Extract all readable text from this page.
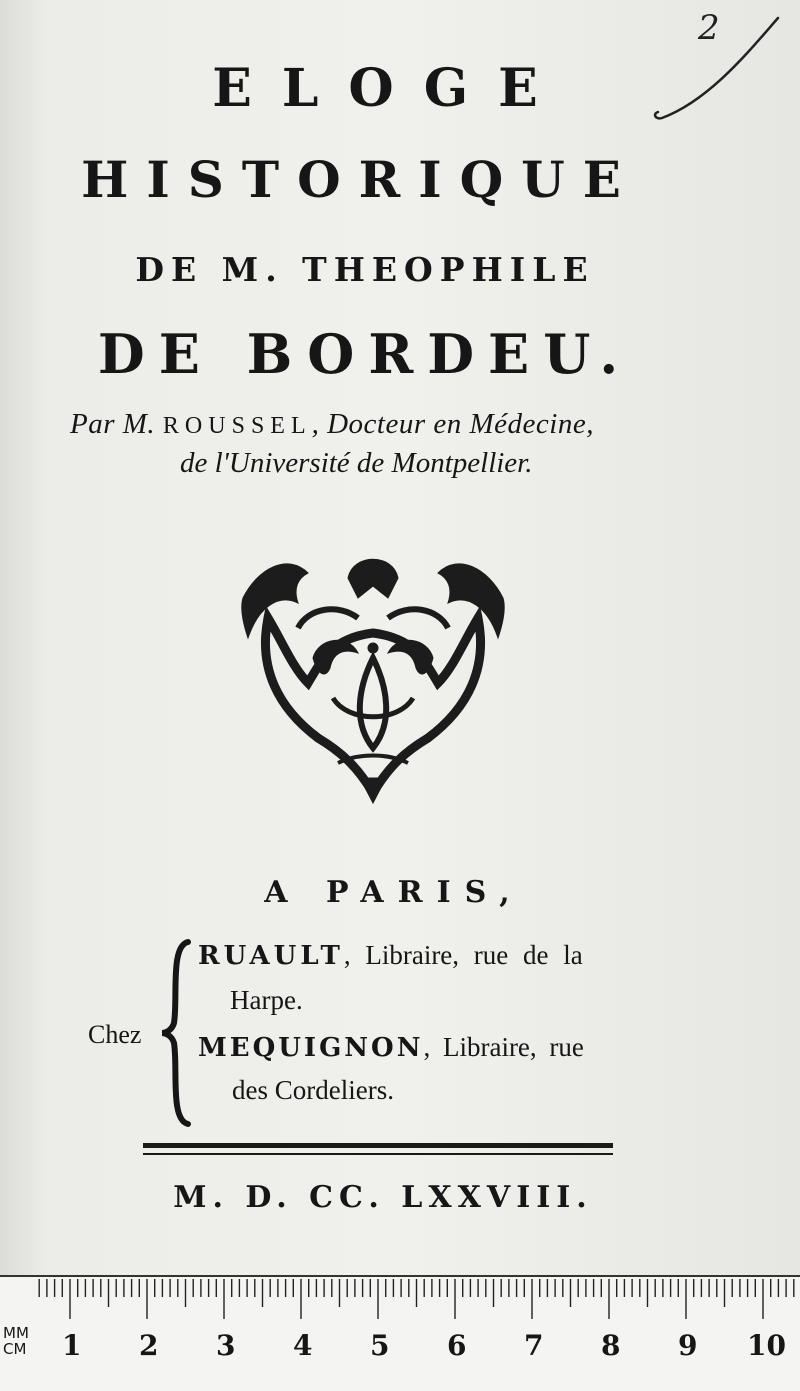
2
ELOGE
HISTORIQUE
DE M. THEOPHILE
DE BORDEU.
Par M. ROUSSEL, Docteur en Médecine,
de l'Université de Montpellier.
A PARIS,
Chez
RUAULT, Libraire, rue de la
Harpe.
MEQUIGNON, Libraire, rue
des Cordeliers.
M. D. CC. LXXVIII.
MM
CM 1 2 3 4 5 6 7 8 9 10
